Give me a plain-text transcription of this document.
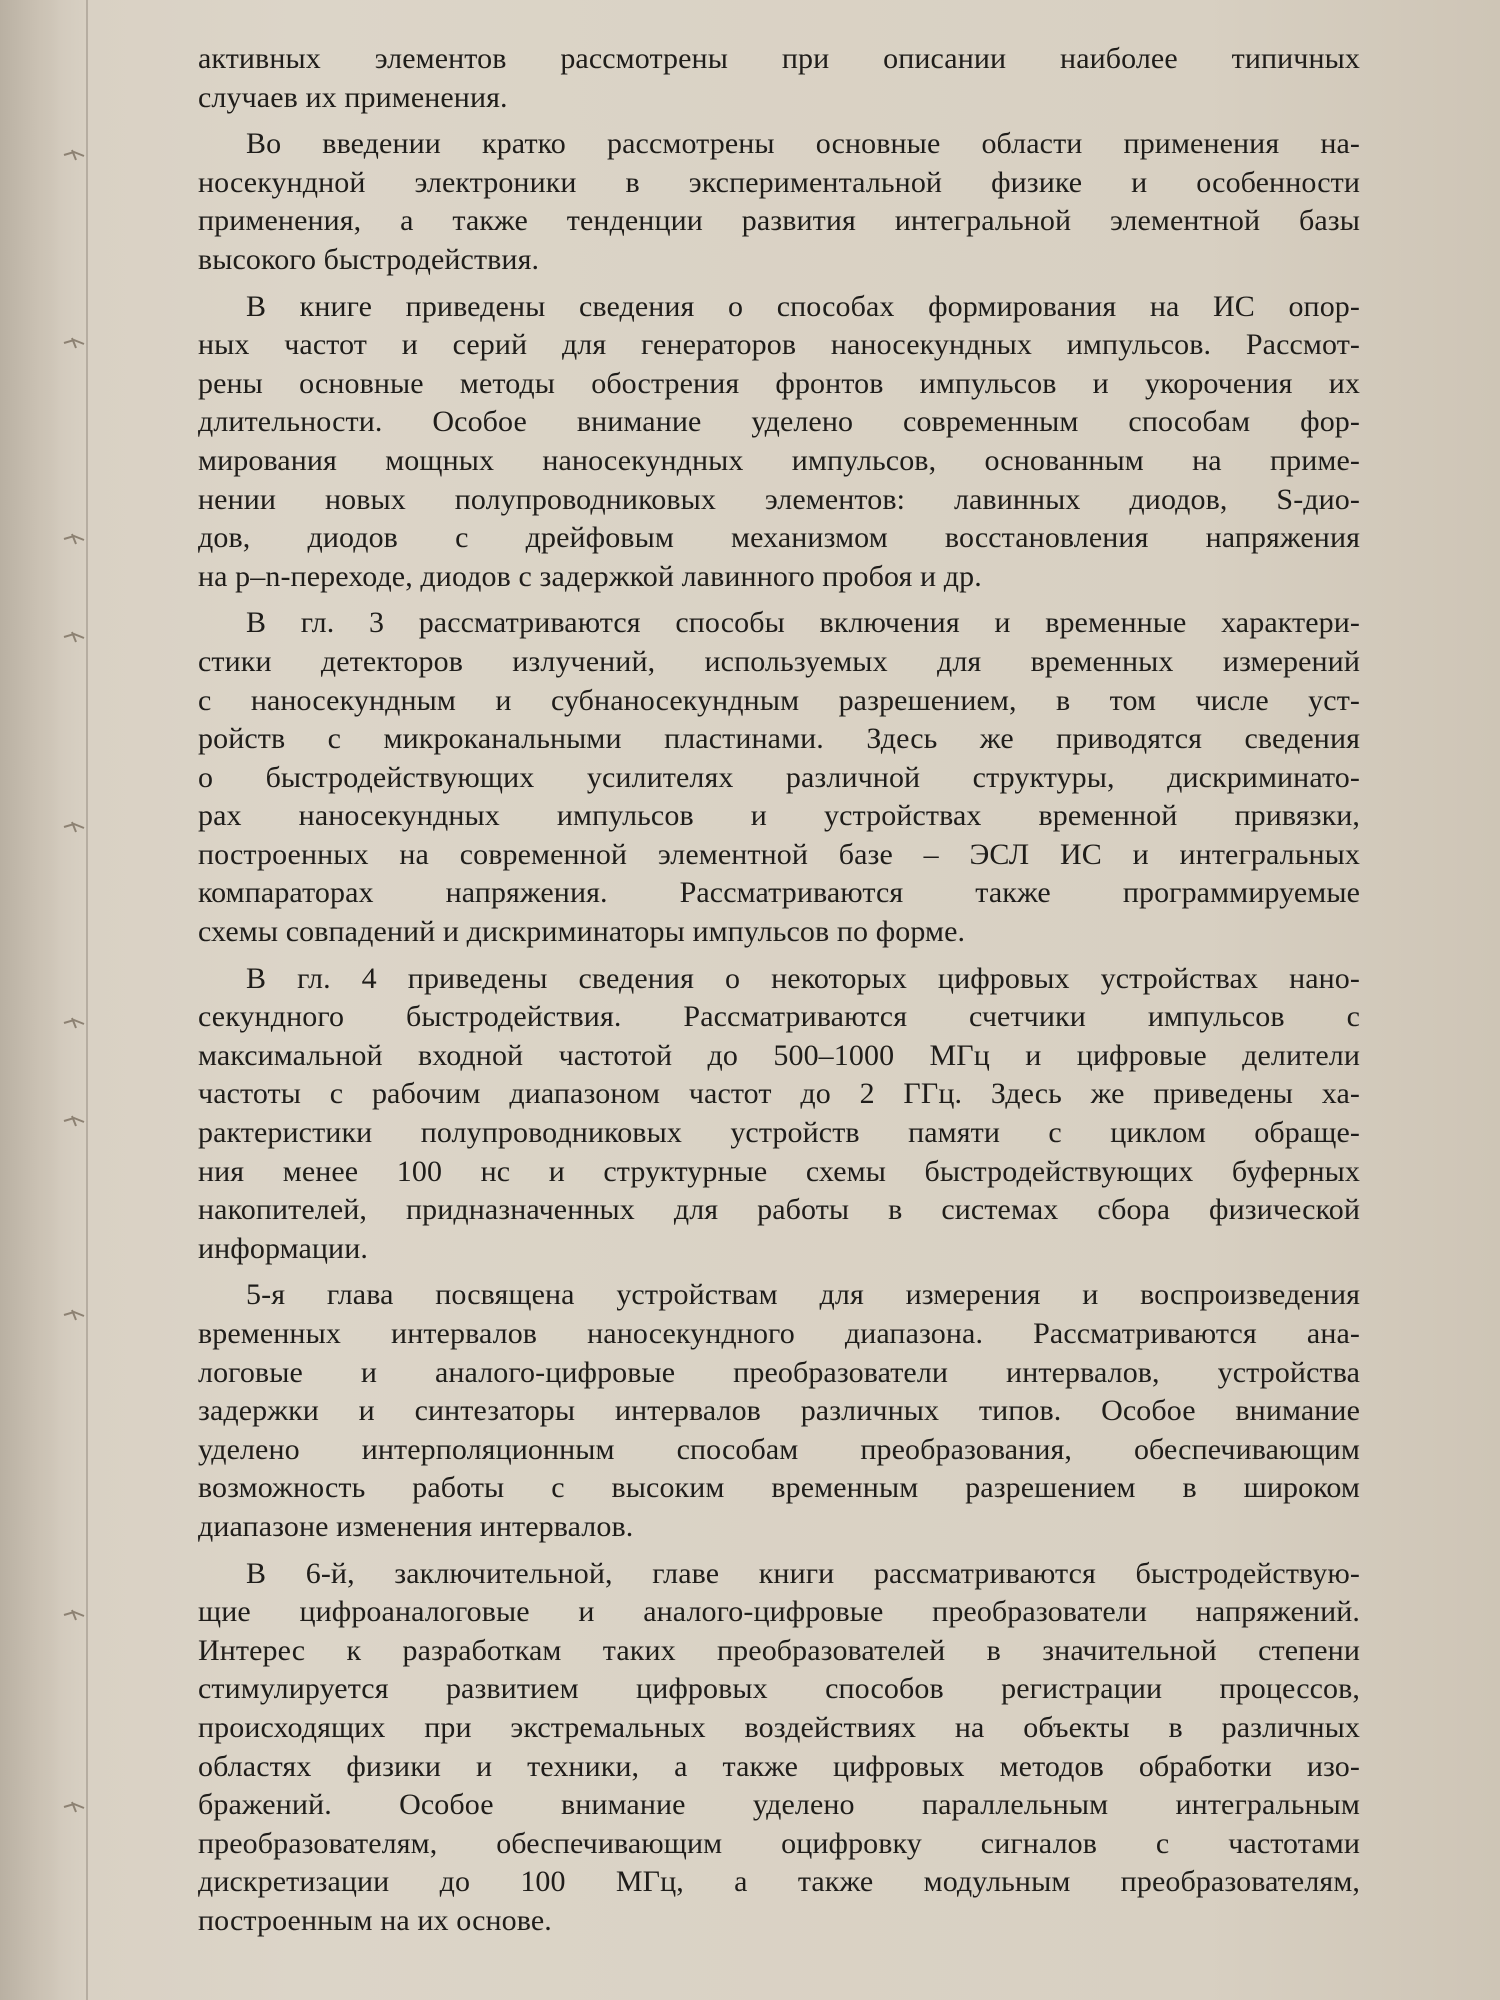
активных элементов рассмотрены при описании наиболее типичных
случаев их применения.
Во введении кратко рассмотрены основные области применения на-
носекундной электроники в экспериментальной физике и особенности
применения, а также тенденции развития интегральной элементной базы
высокого быстродействия.
В книге приведены сведения о способах формирования на ИС опор-
ных частот и серий для генераторов наносекундных импульсов. Рассмот-
рены основные методы обострения фронтов импульсов и укорочения их
длительности. Особое внимание уделено современным способам фор-
мирования мощных наносекундных импульсов, основанным на приме-
нении новых полупроводниковых элементов: лавинных диодов, S-дио-
дов, диодов с дрейфовым механизмом восстановления напряжения
на p–n-переходе, диодов с задержкой лавинного пробоя и др.
В гл. 3 рассматриваются способы включения и временные характери-
стики детекторов излучений, используемых для временных измерений
с наносекундным и субнаносекундным разрешением, в том числе уст-
ройств с микроканальными пластинами. Здесь же приводятся сведения
о быстродействующих усилителях различной структуры, дискриминато-
рах наносекундных импульсов и устройствах временной привязки,
построенных на современной элементной базе – ЭСЛ ИС и интегральных
компараторах напряжения. Рассматриваются также программируемые
схемы совпадений и дискриминаторы импульсов по форме.
В гл. 4 приведены сведения о некоторых цифровых устройствах нано-
секундного быстродействия. Рассматриваются счетчики импульсов с
максимальной входной частотой до 500–1000 МГц и цифровые делители
частоты с рабочим диапазоном частот до 2 ГГц. Здесь же приведены ха-
рактеристики полупроводниковых устройств памяти с циклом обраще-
ния менее 100 нс и структурные схемы быстродействующих буферных
накопителей, придназначенных для работы в системах сбора физической
информации.
5-я глава посвящена устройствам для измерения и воспроизведения
временных интервалов наносекундного диапазона. Рассматриваются ана-
логовые и аналого-цифровые преобразователи интервалов, устройства
задержки и синтезаторы интервалов различных типов. Особое внимание
уделено интерполяционным способам преобразования, обеспечивающим
возможность работы с высоким временным разрешением в широком
диапазоне изменения интервалов.
В 6-й, заключительной, главе книги рассматриваются быстродействую-
щие цифроаналоговые и аналого-цифровые преобразователи напряжений.
Интерес к разработкам таких преобразователей в значительной степени
стимулируется развитием цифровых способов регистрации процессов,
происходящих при экстремальных воздействиях на объекты в различных
областях физики и техники, а также цифровых методов обработки изо-
бражений. Особое внимание уделено параллельным интегральным
преобразователям, обеспечивающим оцифровку сигналов с частотами
дискретизации до 100 МГц, а также модульным преобразователям,
построенным на их основе.
